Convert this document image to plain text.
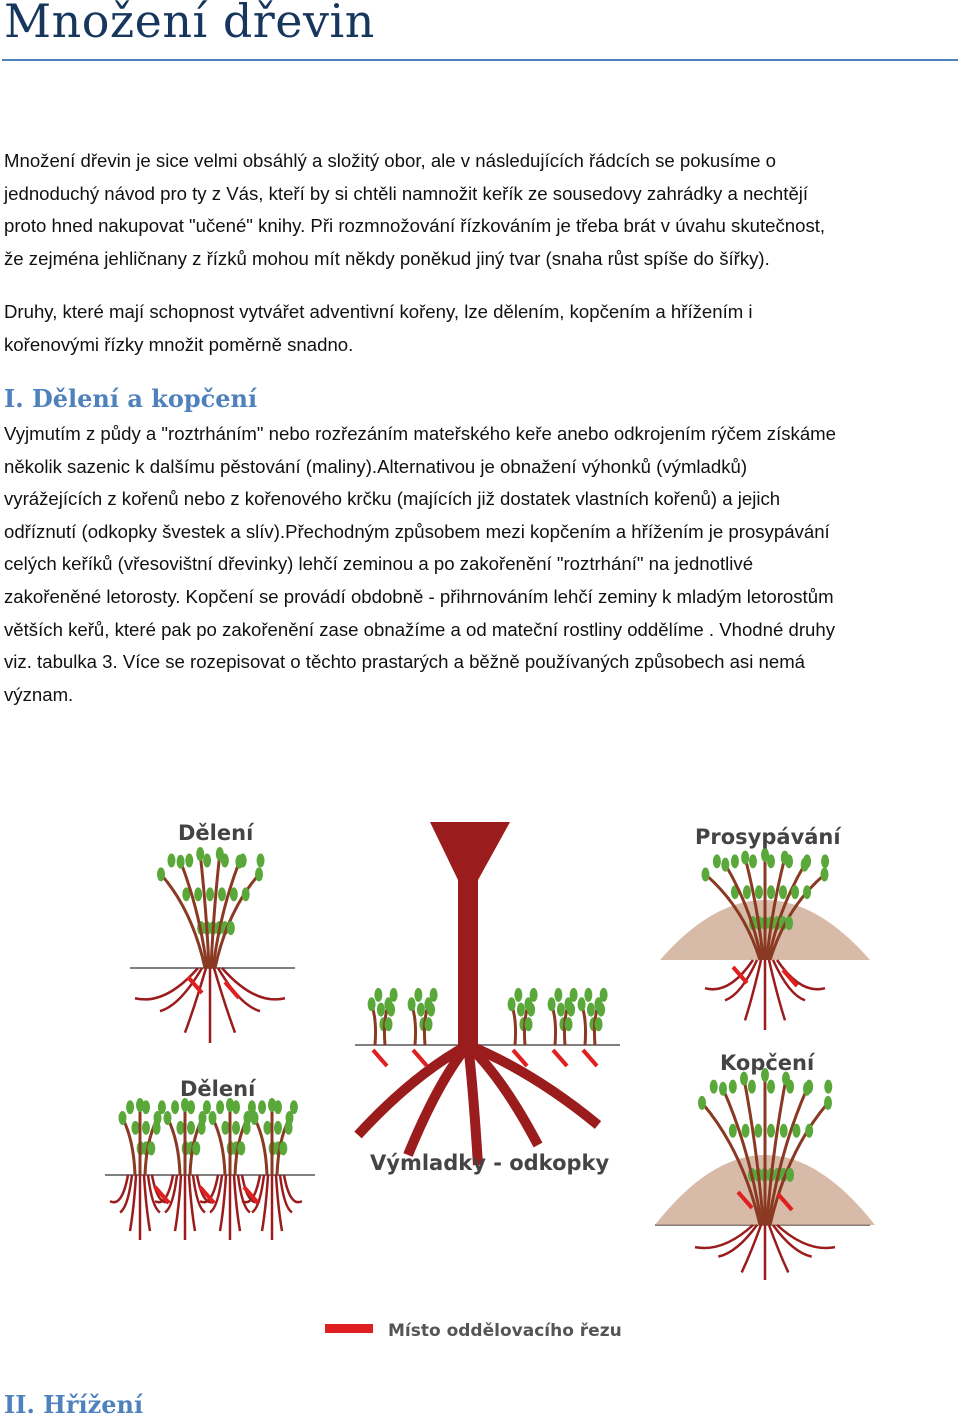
Množení dřevin

Množení dřevin je sice velmi obsáhlý a složitý obor, ale v následujících řádcích se pokusíme o
jednoduchý návod pro ty z Vás, kteří by si chtěli namnožit keřík ze sousedovy zahrádky a nechtějí
proto hned nakupovat "učené" knihy. Při rozmnožování řízkováním je třeba brát v úvahu skutečnost,
že zejména jehličnany z řízků mohou mít někdy poněkud jiný tvar (snaha růst spíše do šířky).

Druhy, které mají schopnost vytvářet adventivní kořeny, lze dělením, kopčením a hřížením i
kořenovými řízky množit poměrně snadno.

I. Dělení a kopčení

Vyjmutím z půdy a "roztrháním" nebo rozřezáním mateřského keře anebo odkrojením rýčem získáme
několik sazenic k dalšímu pěstování (maliny).Alternativou je obnažení výhonků (výmladků)
vyrážejících z kořenů nebo z kořenového krčku (majících již dostatek vlastních kořenů) a jejich
odříznutí (odkopky švestek a slív).Přechodným způsobem mezi kopčením a hřížením je prosypávání
celých keříků (vřesovištní dřevinky) lehčí zeminou a po zakořenění "roztrhání" na jednotlivé
zakořeněné letorosty. Kopčení se provádí obdobně - přihrnováním lehčí zeminy k mladým letorostům
větších keřů, které pak po zakořenění zase obnažíme a od mateční rostliny oddělíme . Vhodné druhy
viz. tabulka 3. Více se rozepisovat o těchto prastarých a běžně používaných způsobech asi nemá
význam.

Dělení	Prosypávání
Dělení
Výmladky - odkopky
Kopčení
Místo oddělovacího řezu
II. Hřížení
